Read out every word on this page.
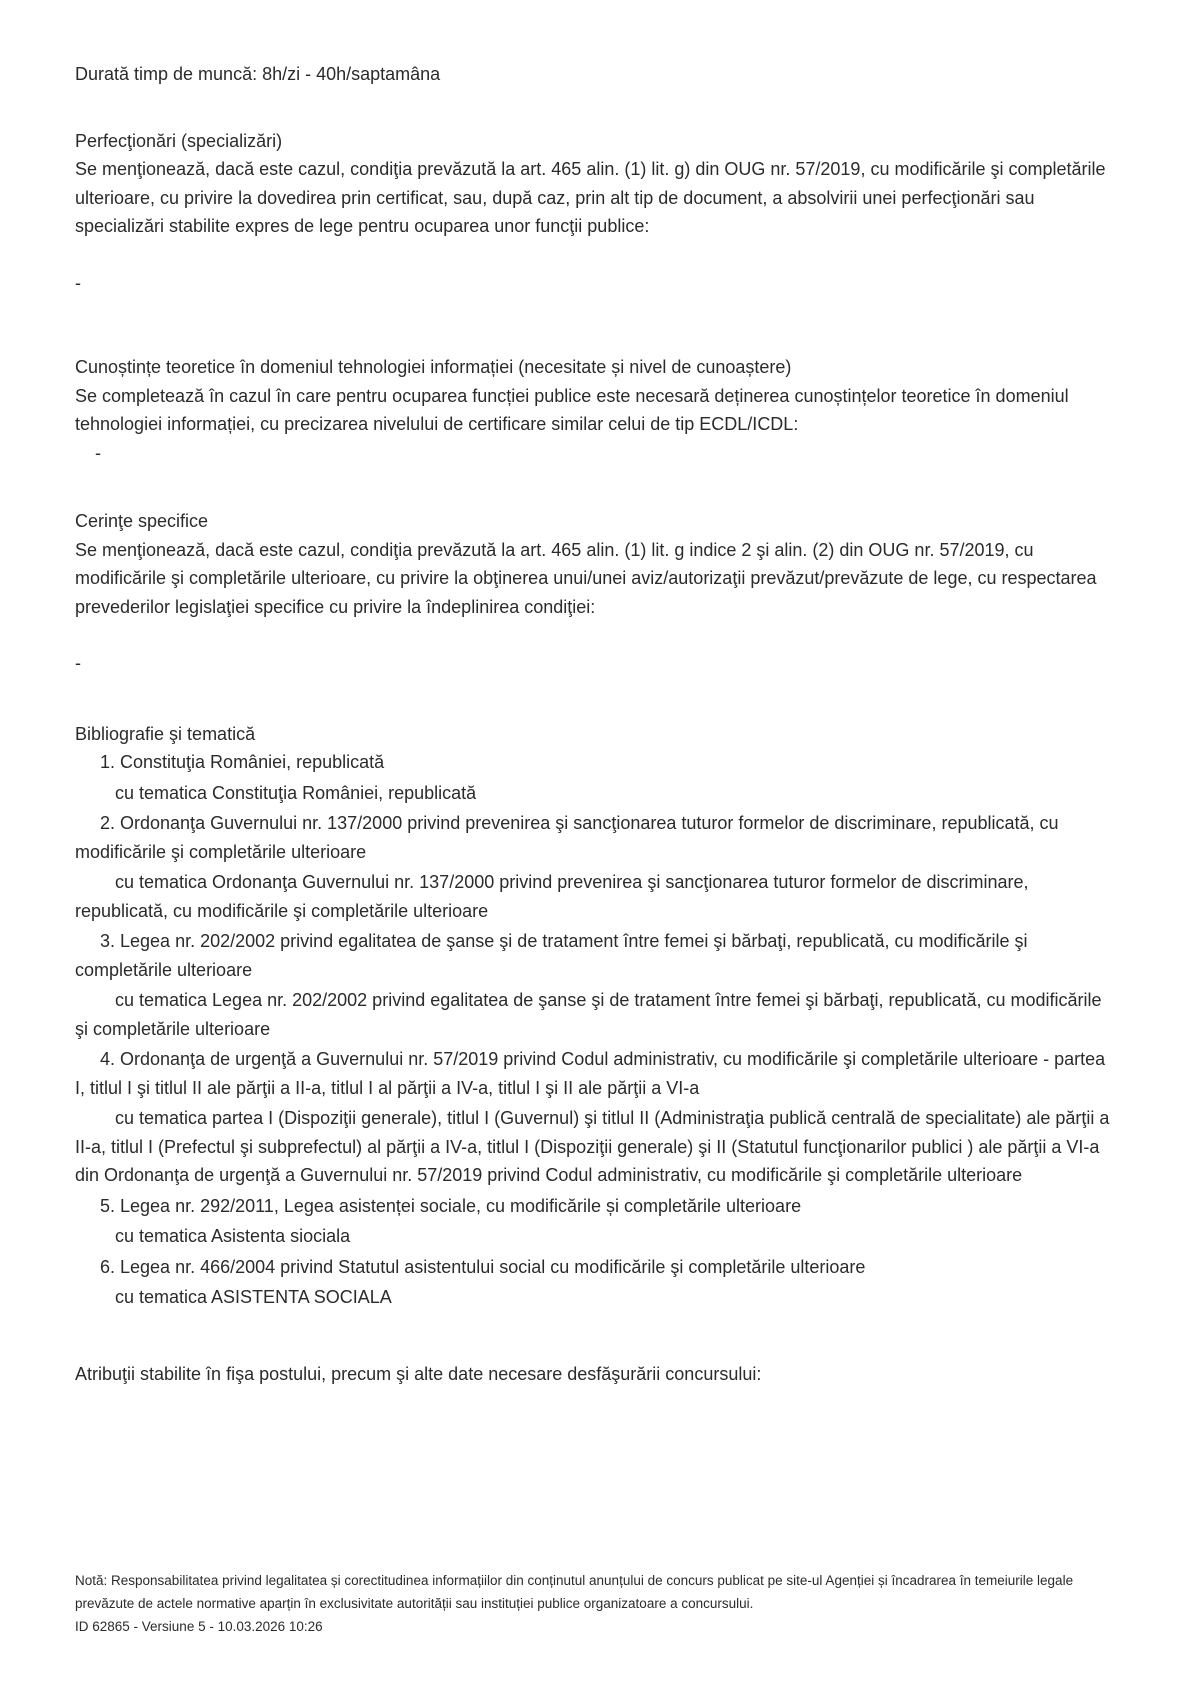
Durată timp de muncă: 8h/zi - 40h/saptamâna

Perfecţionări (specializări)

Se menţionează, dacă este cazul, condiţia prevăzută la art. 465 alin. (1) lit. g) din OUG nr. 57/2019, cu modificările şi completările ulterioare, cu privire la dovedirea prin certificat, sau, după caz, prin alt tip de document, a absolvirii unei perfecţionări sau specializări stabilite expres de lege pentru ocuparea unor funcţii publice:

-

Cunoștințe teoretice în domeniul tehnologiei informației (necesitate și nivel de cunoaștere)

Se completează în cazul în care pentru ocuparea funcției publice este necesară deținerea cunoștințelor teoretice în domeniul tehnologiei informației, cu precizarea nivelului de certificare similar celui de tip ECDL/ICDL:

-

Cerinţe specifice

Se menţionează, dacă este cazul, condiţia prevăzută la art. 465 alin. (1) lit. g indice 2 şi alin. (2) din OUG nr. 57/2019, cu modificările şi completările ulterioare, cu privire la obţinerea unui/unei aviz/autorizaţii prevăzut/prevăzute de lege, cu respectarea prevederilor legislaţiei specifice cu privire la îndeplinirea condiţiei:

-

Bibliografie şi tematică

1. Constituţia României, republicată

cu tematica Constituţia României, republicată

2. Ordonanţa Guvernului nr. 137/2000 privind prevenirea şi sancţionarea tuturor formelor de discriminare, republicată, cu modificările şi completările ulterioare

cu tematica Ordonanţa Guvernului nr. 137/2000 privind prevenirea şi sancţionarea tuturor formelor de discriminare, republicată, cu modificările şi completările ulterioare

3. Legea nr. 202/2002 privind egalitatea de şanse şi de tratament între femei şi bărbaţi, republicată, cu modificările şi completările ulterioare

cu tematica Legea nr. 202/2002 privind egalitatea de şanse şi de tratament între femei şi bărbaţi, republicată, cu modificările şi completările ulterioare

4. Ordonanţa de urgenţă a Guvernului nr. 57/2019 privind Codul administrativ, cu modificările şi completările ulterioare - partea I, titlul I şi titlul II ale părţii a II-a, titlul I al părţii a IV-a, titlul I şi II ale părţii a VI-a

cu tematica partea I (Dispoziţii generale), titlul I (Guvernul) şi titlul II (Administraţia publică centrală de specialitate) ale părţii a II-a, titlul I (Prefectul şi subprefectul) al părţii a IV-a, titlul I (Dispoziţii generale) şi II (Statutul funcţionarilor publici ) ale părţii a VI-a din Ordonanţa de urgenţă a Guvernului nr. 57/2019 privind Codul administrativ, cu modificările şi completările ulterioare

5. Legea nr. 292/2011, Legea asistenței sociale, cu modificările și completările ulterioare

cu tematica Asistenta siociala

6. Legea nr. 466/2004 privind Statutul asistentului social cu modificările şi completările ulterioare

cu tematica ASISTENTA SOCIALA

Atribuţii stabilite în fişa postului, precum şi alte date necesare desfăşurării concursului:

Notă: Responsabilitatea privind legalitatea și corectitudinea informațiilor din conținutul anunțului de concurs publicat pe site-ul Agenției și încadrarea în temeiurile legale prevăzute de actele normative aparțin în exclusivitate autorității sau instituției publice organizatoare a concursului.

ID 62865 - Versiune 5 - 10.03.2026 10:26
